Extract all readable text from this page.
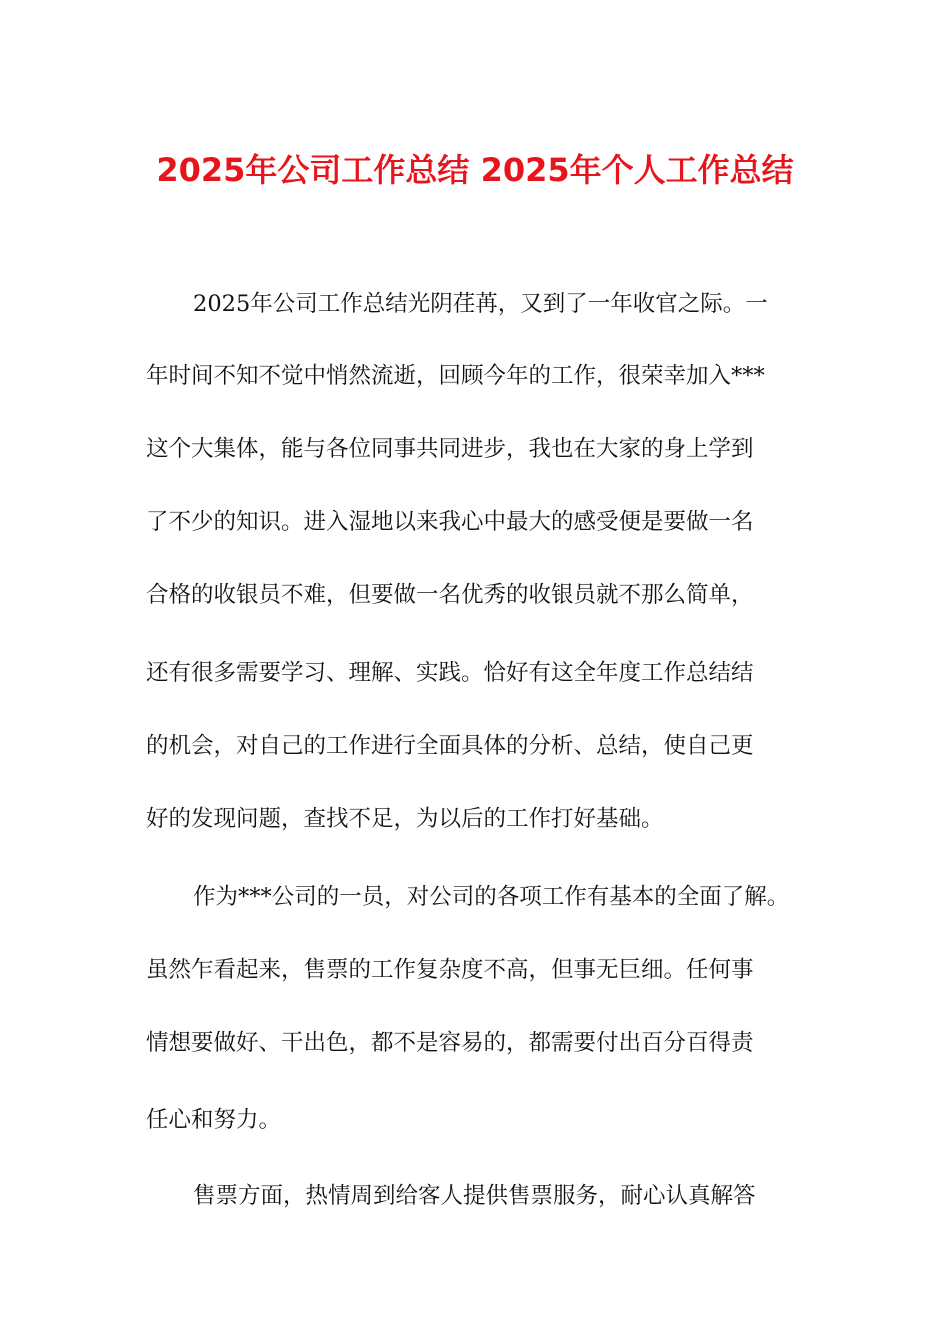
2025年公司工作总结 2025年个人工作总结
2025年公司工作总结光阴荏苒，又到了一年收官之际。一
年时间不知不觉中悄然流逝，回顾今年的工作，很荣幸加入***
这个大集体，能与各位同事共同进步，我也在大家的身上学到
了不少的知识。进入湿地以来我心中最大的感受便是要做一名
合格的收银员不难，但要做一名优秀的收银员就不那么简单，
还有很多需要学习、理解、实践。恰好有这全年度工作总结结
的机会，对自己的工作进行全面具体的分析、总结，使自己更
好的发现问题，查找不足，为以后的工作打好基础。
作为***公司的一员，对公司的各项工作有基本的全面了解。
虽然乍看起来，售票的工作复杂度不高，但事无巨细。任何事
情想要做好、干出色，都不是容易的，都需要付出百分百得责
任心和努力。
售票方面，热情周到给客人提供售票服务，耐心认真解答
